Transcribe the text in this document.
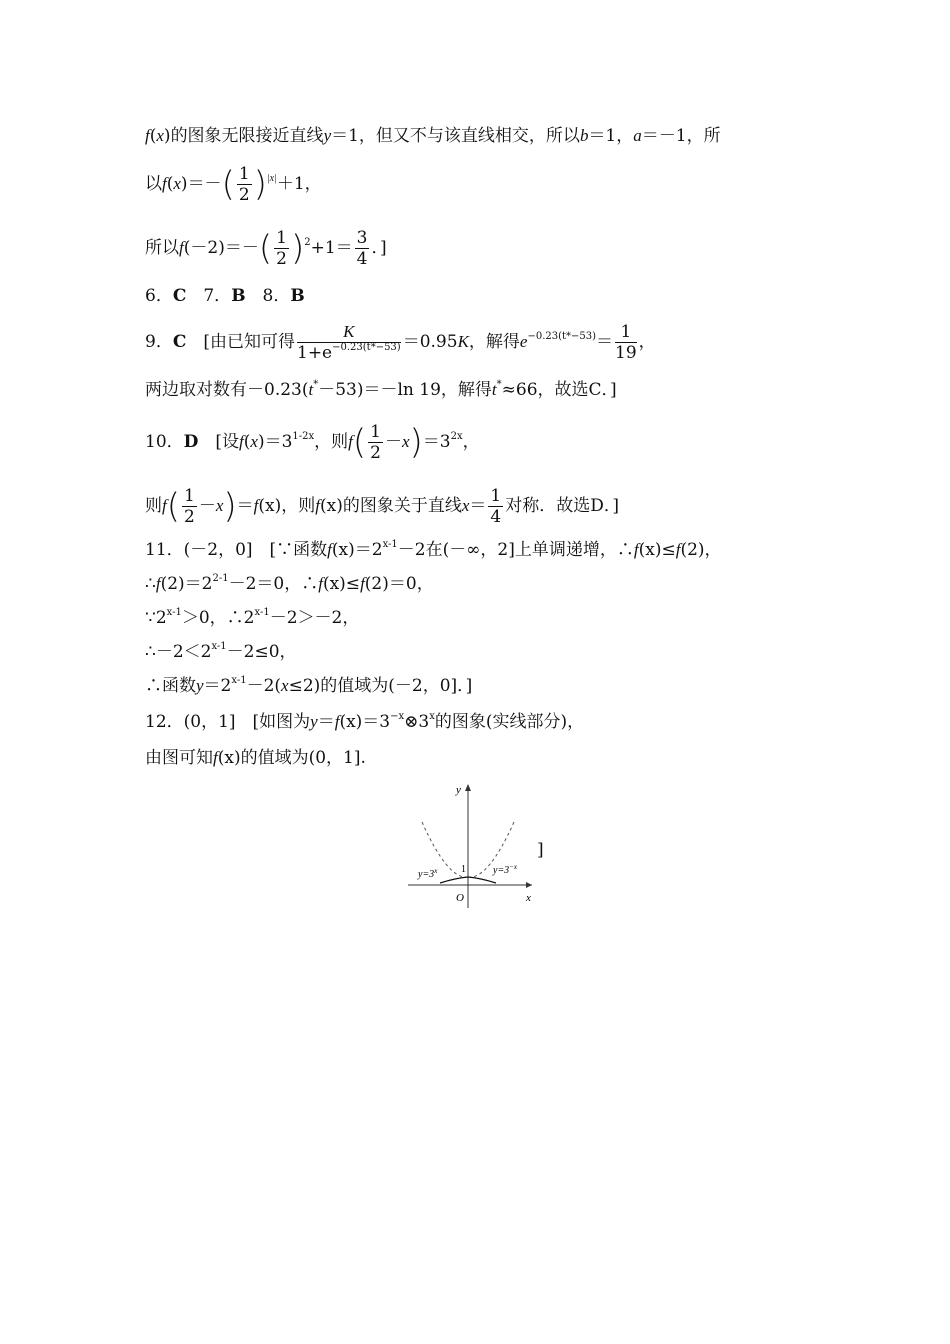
f(x)的图象无限接近直线y＝1，但又不与该直线相交，所以b＝1，a＝－1，所
以$f(x)=-( \frac{1}{2} )^{|x|}+1$，
所以$f(-2)=-( \frac{1}{2} )^2+1= \frac{3}{4}$ ．]
6．C　7．B　8．B
9．C　[由已知可得 $\frac{K}{1+e^{-0.23(t*-53)}} =0.95K$，解得$e^{-0.23(t*-53)}= \frac{1}{19}$ ，
两边取对数有－0.23(t*－53)＝－ln 19，解得t*≈66，故选C．]
10．D　[设$f(x)=3^{1-2x}$，则$f( \frac{1}{2} -x)=3^{2x}$，
则$f( \frac{1}{2} -x)=f(x)$，则f(x)的图象关于直线$x= \frac{1}{4}$ 对称．故选D．]
11．(－2，0]　[∵函数$f(x)=2^{x-1}-2$在(－∞，2]上单调递增，∴f(x)≤f(2)，
$\therefore f(2)=2^{2-1}-2=0$，∴f(x)≤f(2)＝0，
$\because 2^{x-1}>0$，$\therefore 2^{x-1}-2>-2$，
$\therefore-2<2^{x-1}-2\le 0$，
∴函数$y=2^{x-1}-2(x\le 2)$的值域为(－2，0]．]
12．(0，1]　[如图为$y=f(x)=3^{-x}\otimes 3^x$的图象(实线部分)，
由图可知f(x)的值域为(0，1].
y
x
O
1
$y=3^x$	$y=3^{-x}$
]
